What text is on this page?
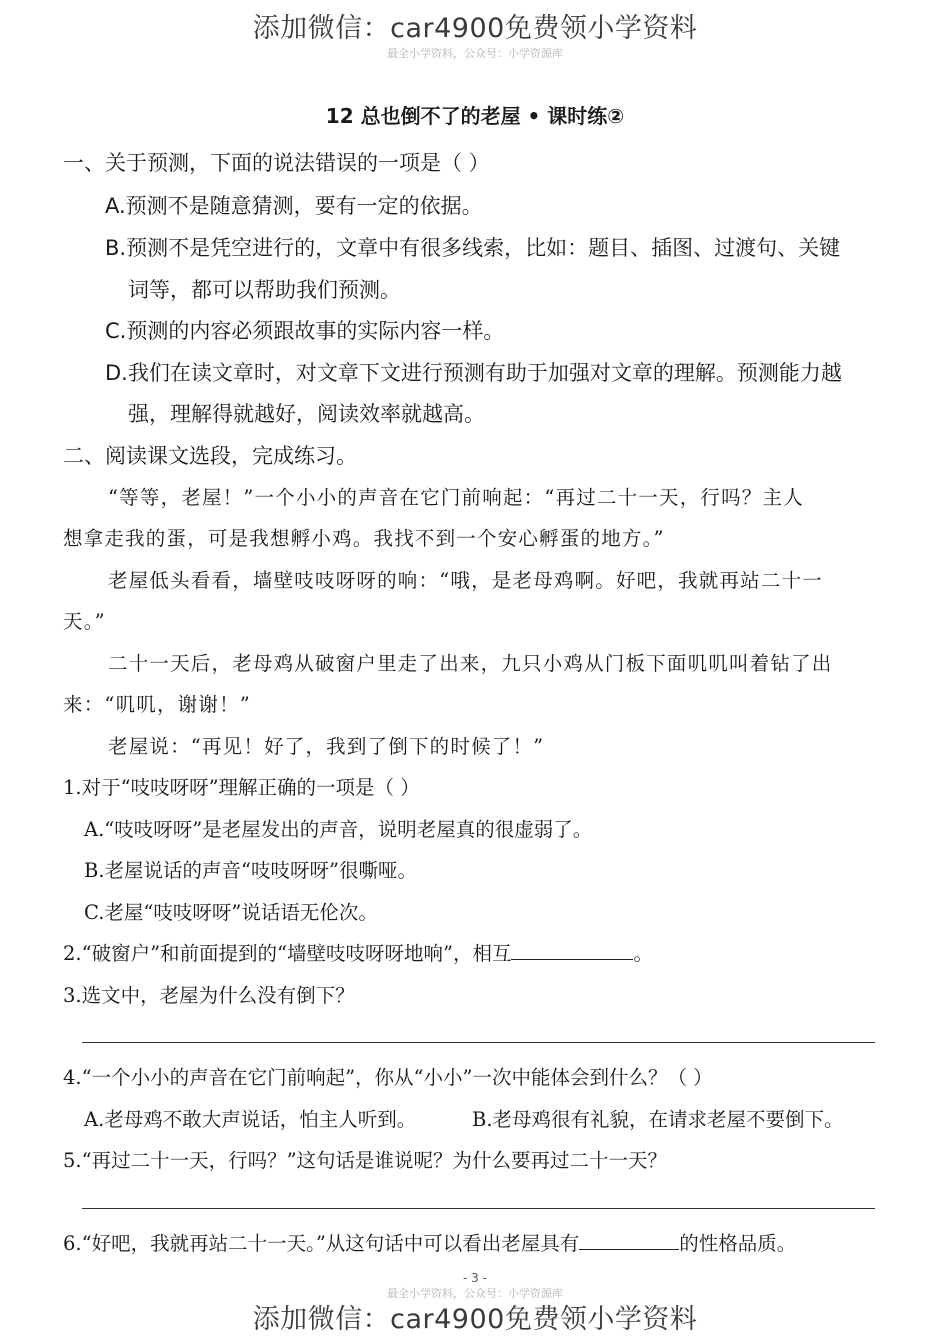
添加微信：car4900免费领小学资料
最全小学资料，公众号：小学资源库
12 总也倒不了的老屋 • 课时练②
一、关于预测，下面的说法错误的一项是（ ）
A.预测不是随意猜测，要有一定的依据。
B.预测不是凭空进行的，文章中有很多线索，比如：题目、插图、过渡句、关键
词等，都可以帮助我们预测。
C.预测的内容必须跟故事的实际内容一样。
D.我们在读文章时，对文章下文进行预测有助于加强对文章的理解。预测能力越
强，理解得就越好，阅读效率就越高。
二、阅读课文选段，完成练习。
“等等，老屋！”一个小小的声音在它门前响起：“再过二十一天，行吗？主人
想拿走我的蛋，可是我想孵小鸡。我找不到一个安心孵蛋的地方。”
老屋低头看看，墙壁吱吱呀呀的响：“哦，是老母鸡啊。好吧，我就再站二十一
天。”
二十一天后，老母鸡从破窗户里走了出来，九只小鸡从门板下面叽叽叫着钻了出
来：“叽叽，谢谢！”
老屋说：“再见！好了，我到了倒下的时候了！”
1.对于“吱吱呀呀”理解正确的一项是（ ）
A.“吱吱呀呀”是老屋发出的声音，说明老屋真的很虚弱了。
B.老屋说话的声音“吱吱呀呀”很嘶哑。
C.老屋“吱吱呀呀”说话语无伦次。
2.“破窗户”和前面提到的“墙壁吱吱呀呀地响”，相互	。
3.选文中，老屋为什么没有倒下？
4.“一个小小的声音在它门前响起”，你从“小小”一次中能体会到什么？（ ）
A.老母鸡不敢大声说话，怕主人听到。	B.老母鸡很有礼貌，在请求老屋不要倒下。
5.“再过二十一天，行吗？”这句话是谁说呢？为什么要再过二十一天？
6.“好吧，我就再站二十一天。”从这句话中可以看出老屋具有	的性格品质。
- 3 -
最全小学资料，公众号：小学资源库
添加微信：car4900免费领小学资料
